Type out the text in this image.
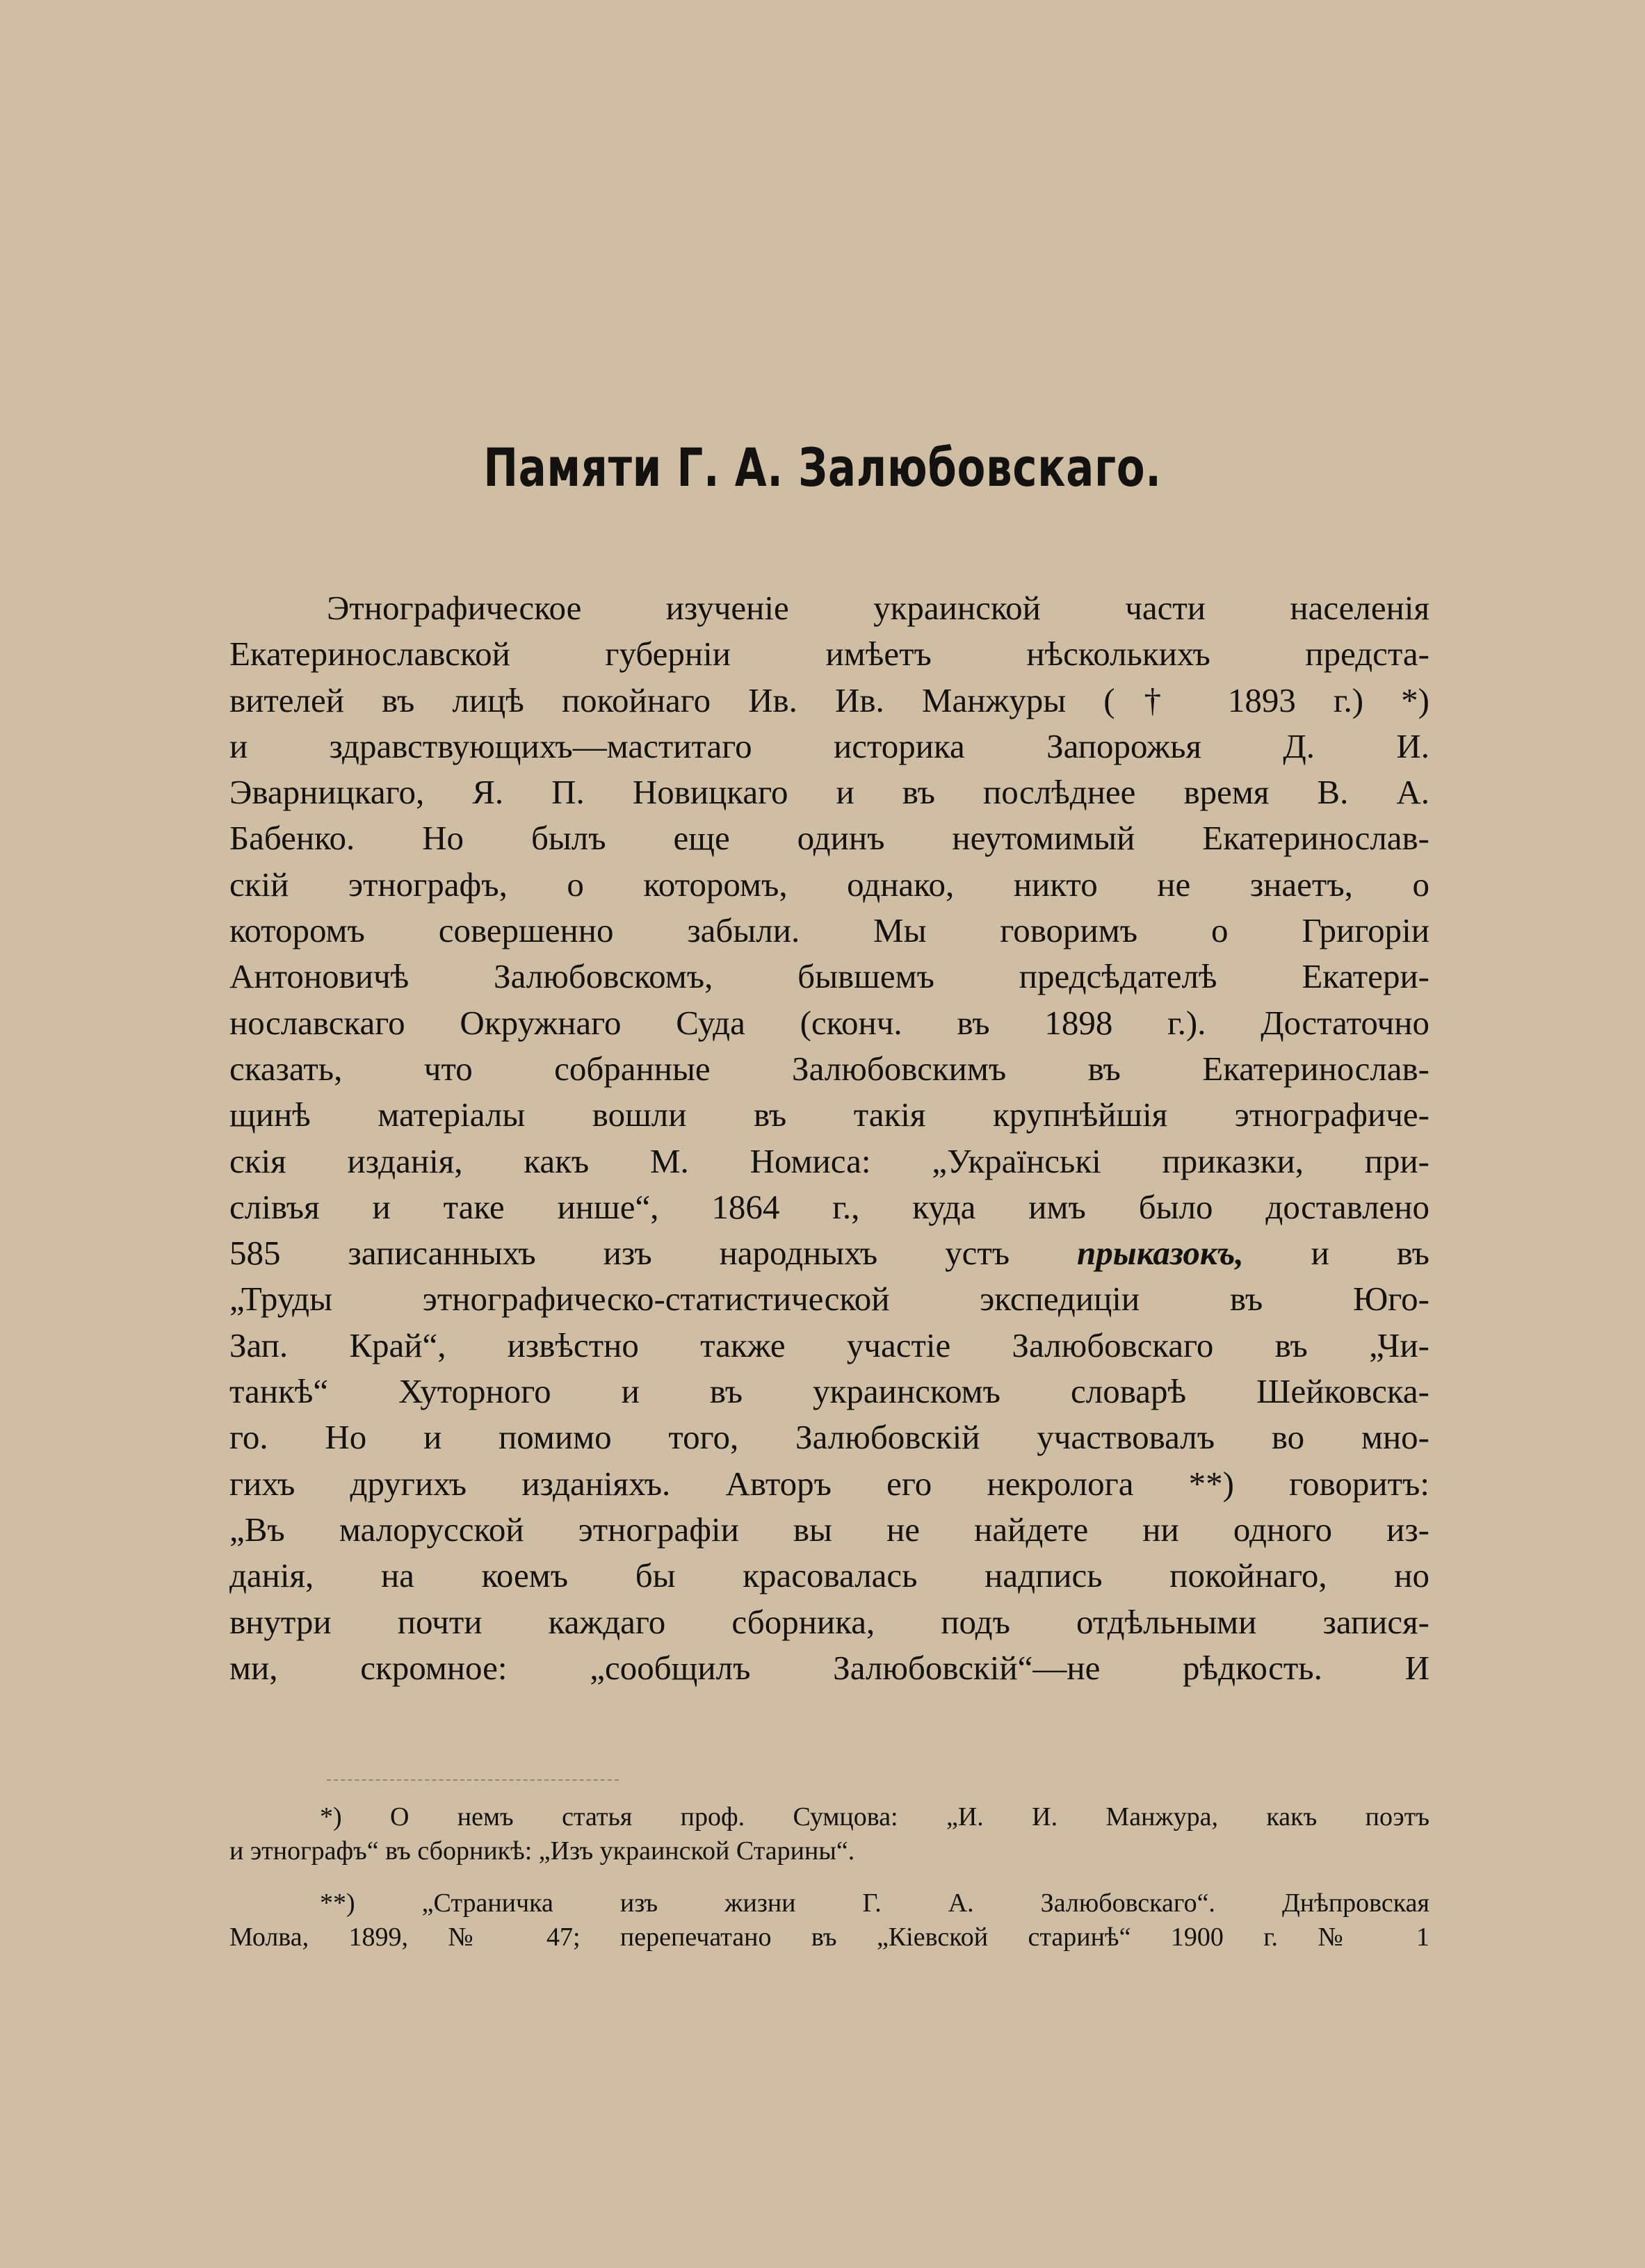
Памяти Г. А. Залюбовскаго.
Этнографическое изученіе украинской части населенія
Екатеринославской губерніи имѣетъ нѣсколькихъ предста-
вителей въ лицѣ покойнаго Ив. Ив. Манжуры († 1893 г.) *)
и здравствующихъ—маститаго историка Запорожья Д. И.
Эварницкаго, Я. П. Новицкаго и въ послѣднее время В. А.
Бабенко. Но былъ еще одинъ неутомимый Екатеринослав-
скій этнографъ, о которомъ, однако, никто не знаетъ, о
которомъ совершенно забыли. Мы говоримъ о Григоріи
Антоновичѣ Залюбовскомъ, бывшемъ предсѣдателѣ Екатери-
нославскаго Окружнаго Суда (сконч. въ 1898 г.). Достаточно
сказать, что собранные Залюбовскимъ въ Екатеринослав-
щинѣ матеріалы вошли въ такія крупнѣйшія этнографиче-
скія изданія, какъ М. Номиса: „Українські приказки, при-
слівъя и таке инше“, 1864 г., куда имъ было доставлено
585 записанныхъ изъ народныхъ устъ прыказокъ, и въ
„Труды этнографическо-статистической экспедиціи въ Юго-
Зап. Край“, извѣстно также участіе Залюбовскаго въ „Чи-
танкѣ“ Хуторного и въ украинскомъ словарѣ Шейковска-
го. Но и помимо того, Залюбовскій участвовалъ во мно-
гихъ другихъ изданіяхъ. Авторъ его некролога **) говоритъ:
„Въ малорусской этнографіи вы не найдете ни одного из-
данія, на коемъ бы красовалась надпись покойнаго, но
внутри почти каждаго сборника, подъ отдѣльными запися-
ми, скромное: „сообщилъ Залюбовскій“—не рѣдкость. И
*) О немъ статья проф. Сумцова: „И. И. Манжура, какъ поэтъ
и этнографъ“ въ сборникѣ: „Изъ украинской Старины“.
**) „Страничка изъ жизни Г. А. Залюбовскаго“. Днѣпровская
Молва, 1899, № 47; перепечатано въ „Кіевской старинѣ“ 1900 г. № 1
